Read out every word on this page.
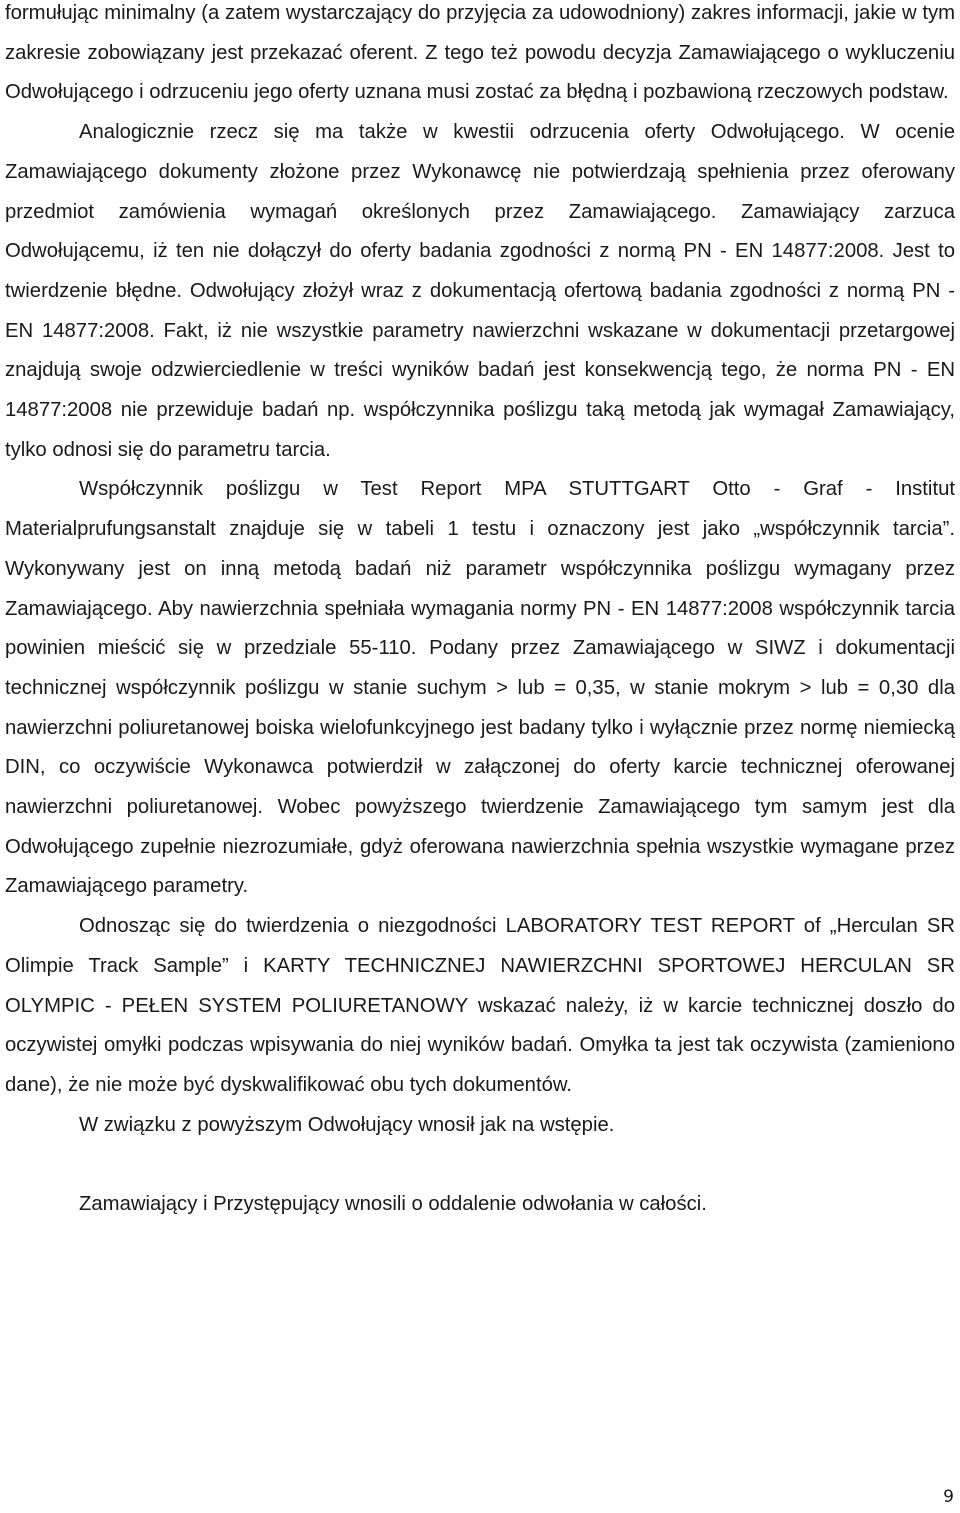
formułując minimalny (a zatem wystarczający do przyjęcia za udowodniony) zakres informacji, jakie w tym zakresie zobowiązany jest przekazać oferent. Z tego też powodu decyzja Zamawiającego o wykluczeniu Odwołującego i odrzuceniu jego oferty uznana musi zostać za błędną i pozbawioną rzeczowych podstaw.

Analogicznie rzecz się ma także w kwestii odrzucenia oferty Odwołującego. W ocenie Zamawiającego dokumenty złożone przez Wykonawcę nie potwierdzają spełnienia przez oferowany przedmiot zamówienia wymagań określonych przez Zamawiającego. Zamawiający zarzuca Odwołującemu, iż ten nie dołączył do oferty badania zgodności z normą PN - EN 14877:2008. Jest to twierdzenie błędne. Odwołujący złożył wraz z dokumentacją ofertową badania zgodności z normą PN - EN 14877:2008. Fakt, iż nie wszystkie parametry nawierzchni wskazane w dokumentacji przetargowej znajdują swoje odzwierciedlenie w treści wyników badań jest konsekwencją tego, że norma PN - EN 14877:2008 nie przewiduje badań np. współczynnika poślizgu taką metodą jak wymagał Zamawiający, tylko odnosi się do parametru tarcia.

Współczynnik poślizgu w Test Report MPA STUTTGART Otto - Graf - Institut Materialprufungsanstalt znajduje się w tabeli 1 testu i oznaczony jest jako „współczynnik tarcia”. Wykonywany jest on inną metodą badań niż parametr współczynnika poślizgu wymagany przez Zamawiającego. Aby nawierzchnia spełniała wymagania normy PN - EN 14877:2008 współczynnik tarcia powinien mieścić się w przedziale 55-110. Podany przez Zamawiającego w SIWZ i dokumentacji technicznej współczynnik poślizgu w stanie suchym > lub = 0,35, w stanie mokrym > lub = 0,30 dla nawierzchni poliuretanowej boiska wielofunkcyjnego jest badany tylko i wyłącznie przez normę niemiecką DIN, co oczywiście Wykonawca potwierdził w załączonej do oferty karcie technicznej oferowanej nawierzchni poliuretanowej. Wobec powyższego twierdzenie Zamawiającego tym samym jest dla Odwołującego zupełnie niezrozumiałe, gdyż oferowana nawierzchnia spełnia wszystkie wymagane przez Zamawiającego parametry.

Odnosząc się do twierdzenia o niezgodności LABORATORY TEST REPORT of „Herculan SR Olimpie Track Sample” i KARTY TECHNICZNEJ NAWIERZCHNI SPORTOWEJ HERCULAN SR OLYMPIC - PEŁEN SYSTEM POLIURETANOWY wskazać należy, iż w karcie technicznej doszło do oczywistej omyłki podczas wpisywania do niej wyników badań. Omyłka ta jest tak oczywista (zamieniono dane), że nie może być dyskwalifikować obu tych dokumentów.

W związku z powyższym Odwołujący wnosił jak na wstępie.

Zamawiający i Przystępujący wnosili o oddalenie odwołania w całości.

9
